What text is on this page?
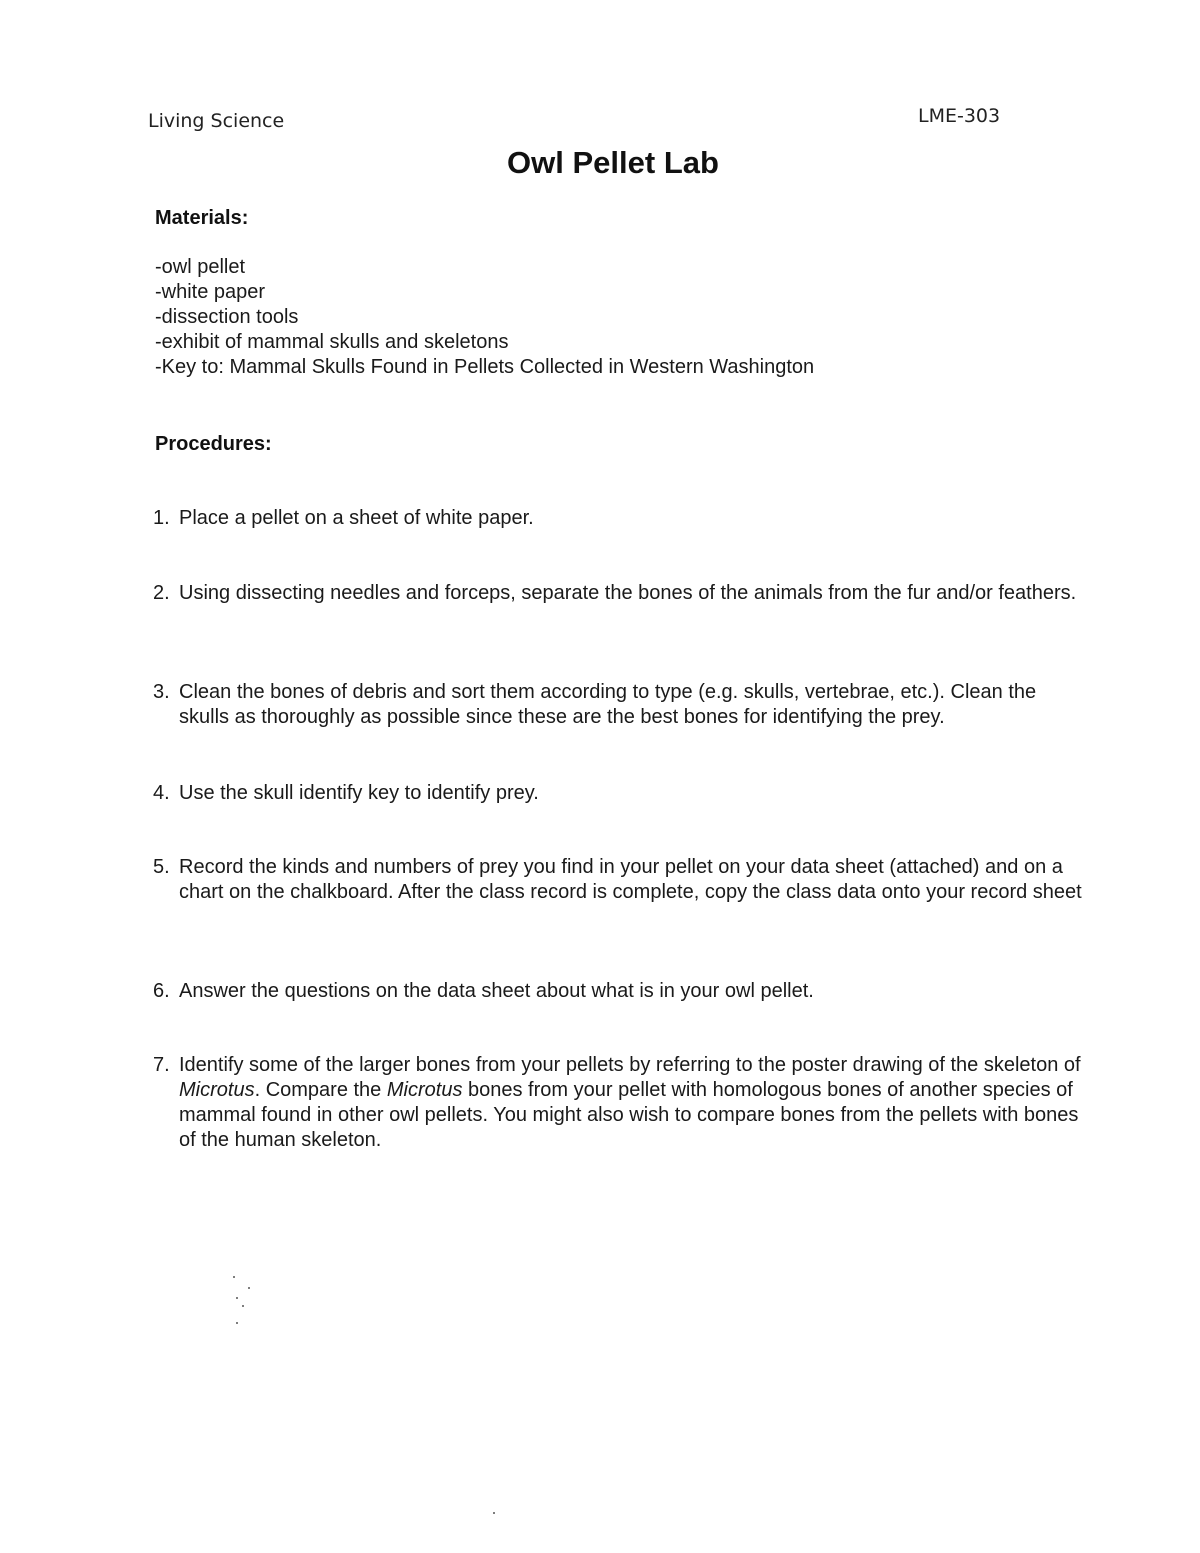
Living Science	LME-303
Owl Pellet Lab
Materials:
-owl pellet
-white paper
-dissection tools
-exhibit of mammal skulls and skeletons
-Key to: Mammal Skulls Found in Pellets Collected in Western Washington
Procedures:
1. Place a pellet on a sheet of white paper.
2. Using dissecting needles and forceps, separate the bones of the animals from the fur and/or feathers.
3. Clean the bones of debris and sort them according to type (e.g. skulls, vertebrae, etc.). Clean the skulls as thoroughly as possible since these are the best bones for identifying the prey.
4. Use the skull identify key to identify prey.
5. Record the kinds and numbers of prey you find in your pellet on your data sheet (attached) and on a chart on the chalkboard. After the class record is complete, copy the class data onto your record sheet
6. Answer the questions on the data sheet about what is in your owl pellet.
7. Identify some of the larger bones from your pellets by referring to the poster drawing of the skeleton of Microtus. Compare the Microtus bones from your pellet with homologous bones of another species of mammal found in other owl pellets. You might also wish to compare bones from the pellets with bones of the human skeleton.
